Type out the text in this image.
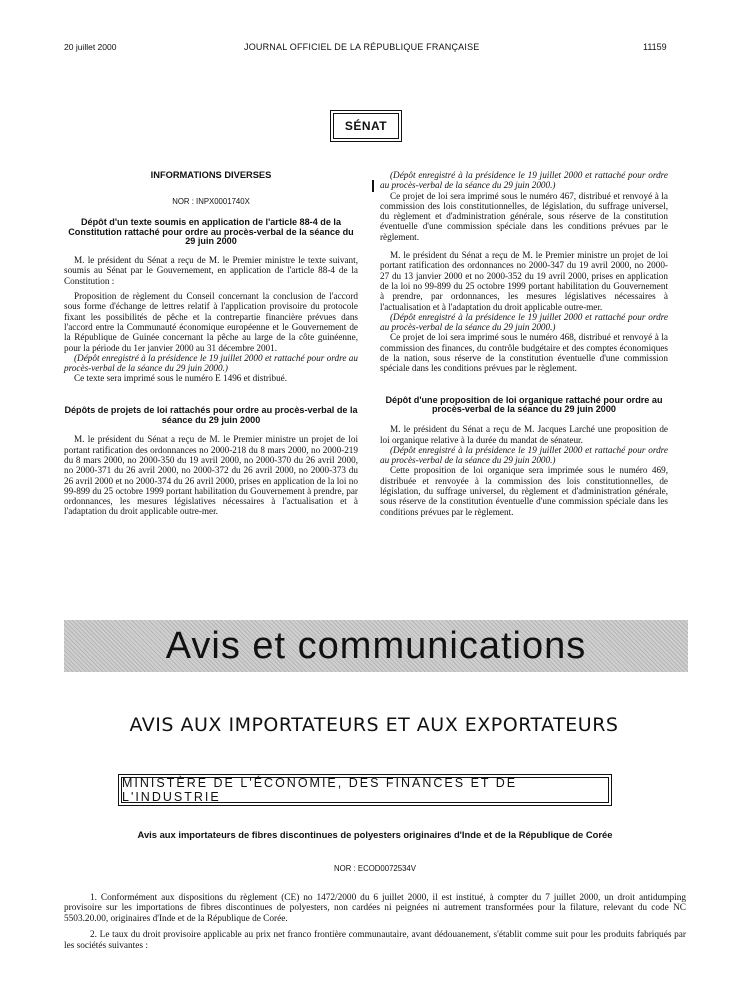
20 juillet 2000	JOURNAL OFFICIEL DE LA RÉPUBLIQUE FRANÇAISE	11159
SÉNAT
INFORMATIONS DIVERSES
NOR : INPX0001740X
Dépôt d'un texte soumis en application de l'article 88-4 de la Constitution rattaché pour ordre au procès-verbal de la séance du 29 juin 2000

M. le président du Sénat a reçu de M. le Premier ministre le texte suivant, soumis au Sénat par le Gouvernement, en application de l'article 88-4 de la Constitution :

Proposition de règlement du Conseil concernant la conclusion de l'accord sous forme d'échange de lettres relatif à l'application provisoire du protocole fixant les possibilités de pêche et la contrepartie financière prévues dans l'accord entre la Communauté économique européenne et le Gouvernement de la République de Guinée concernant la pêche au large de la côte guinéenne, pour la période du 1er janvier 2000 au 31 décembre 2001.

(Dépôt enregistré à la présidence le 19 juillet 2000 et rattaché pour ordre au procès-verbal de la séance du 29 juin 2000.)

Ce texte sera imprimé sous le numéro E 1496 et distribué.

Dépôts de projets de loi rattachés pour ordre au procès-verbal de la séance du 29 juin 2000

M. le président du Sénat a reçu de M. le Premier ministre un projet de loi portant ratification des ordonnances no 2000-218 du 8 mars 2000, no 2000-219 du 8 mars 2000, no 2000-350 du 19 avril 2000, no 2000-370 du 26 avril 2000, no 2000-371 du 26 avril 2000, no 2000-372 du 26 avril 2000, no 2000-373 du 26 avril 2000 et no 2000-374 du 26 avril 2000, prises en application de la loi no 99-899 du 25 octobre 1999 portant habilitation du Gouvernement à prendre, par ordonnances, les mesures législatives nécessaires à l'actualisation et à l'adaptation du droit applicable outre-mer.

(Dépôt enregistré à la présidence le 19 juillet 2000 et rattaché pour ordre au procès-verbal de la séance du 29 juin 2000.)

Ce projet de loi sera imprimé sous le numéro 467, distribué et renvoyé à la commission des lois constitutionnelles, de législation, du suffrage universel, du règlement et d'administration générale, sous réserve de la constitution éventuelle d'une commission spéciale dans les conditions prévues par le règlement.

M. le président du Sénat a reçu de M. le Premier ministre un projet de loi portant ratification des ordonnances no 2000-347 du 19 avril 2000, no 2000-27 du 13 janvier 2000 et no 2000-352 du 19 avril 2000, prises en application de la loi no 99-899 du 25 octobre 1999 portant habilitation du Gouvernement à prendre, par ordonnances, les mesures législatives nécessaires à l'actualisation et à l'adaptation du droit applicable outre-mer.

(Dépôt enregistré à la présidence le 19 juillet 2000 et rattaché pour ordre au procès-verbal de la séance du 29 juin 2000.)

Ce projet de loi sera imprimé sous le numéro 468, distribué et renvoyé à la commission des finances, du contrôle budgétaire et des comptes économiques de la nation, sous réserve de la constitution éventuelle d'une commission spéciale dans les conditions prévues par le règlement.

Dépôt d'une proposition de loi organique rattaché pour ordre au procès-verbal de la séance du 29 juin 2000

M. le président du Sénat a reçu de M. Jacques Larché une proposition de loi organique relative à la durée du mandat de sénateur.

(Dépôt enregistré à la présidence le 19 juillet 2000 et rattaché pour ordre au procès-verbal de la séance du 29 juin 2000.)

Cette proposition de loi organique sera imprimée sous le numéro 469, distribuée et renvoyée à la commission des lois constitutionnelles, de législation, du suffrage universel, du règlement et d'administration générale, sous réserve de la constitution éventuelle d'une commission spéciale dans les conditions prévues par le règlement.

Avis et communications
AVIS AUX IMPORTATEURS ET AUX EXPORTATEURS
MINISTÈRE DE L'ÉCONOMIE, DES FINANCES ET DE L'INDUSTRIE
Avis aux importateurs de fibres discontinues de polyesters originaires d'Inde et de la République de Corée
NOR : ECOD0072534V

1. Conformément aux dispositions du règlement (CE) no 1472/2000 du 6 juillet 2000, il est institué, à compter du 7 juillet 2000, un droit antidumping provisoire sur les importations de fibres discontinues de polyesters, non cardées ni peignées ni autrement transformées pour la filature, relevant du code NC 5503.20.00, originaires d'Inde et de la République de Corée.

2. Le taux du droit provisoire applicable au prix net franco frontière communautaire, avant dédouanement, s'établit comme suit pour les produits fabriqués par les sociétés suivantes :
